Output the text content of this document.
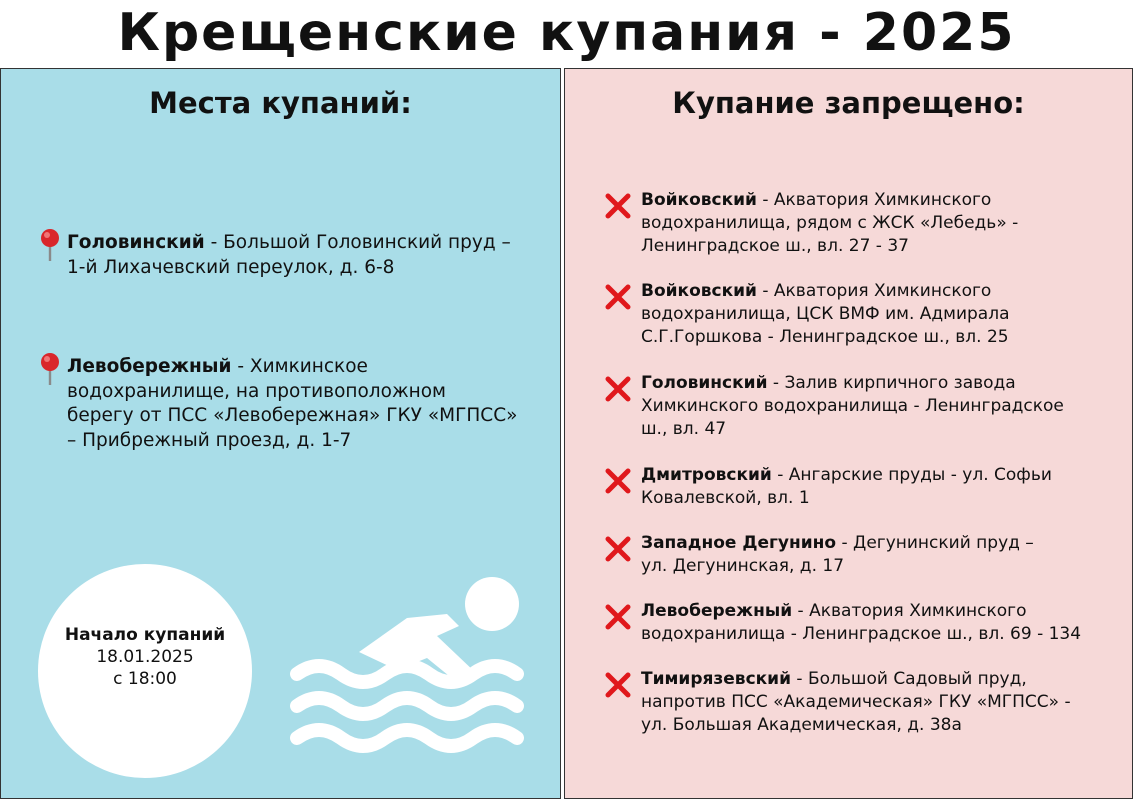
Крещенские купания - 2025
Места купаний:
Головинский - Большой Головинский пруд –
1-й Лихачевский переулок, д. 6-8
Левобережный - Химкинское
водохранилище, на противоположном
берегу от ПСС «Левобережная» ГКУ «МГПСС»
– Прибрежный проезд, д. 1-7
Начало купаний
18.01.2025
с 18:00
Купание запрещено:
Войковский - Акватория Химкинского
водохранилища, рядом с ЖСК «Лебедь» -
Ленинградское ш., вл. 27 - 37
Войковский - Акватория Химкинского
водохранилища, ЦСК ВМФ им. Адмирала
С.Г.Горшкова - Ленинградское ш., вл. 25
Головинский - Залив кирпичного завода
Химкинского водохранилища - Ленинградское
ш., вл. 47
Дмитровский - Ангарские пруды - ул. Софьи
Ковалевской, вл. 1
Западное Дегунино - Дегунинский пруд –
ул. Дегунинская, д. 17
Левобережный - Акватория Химкинского
водохранилища - Ленинградское ш., вл. 69 - 134
Тимирязевский - Большой Садовый пруд,
напротив ПСС «Академическая» ГКУ «МГПСС» -
ул. Большая Академическая, д. 38а
